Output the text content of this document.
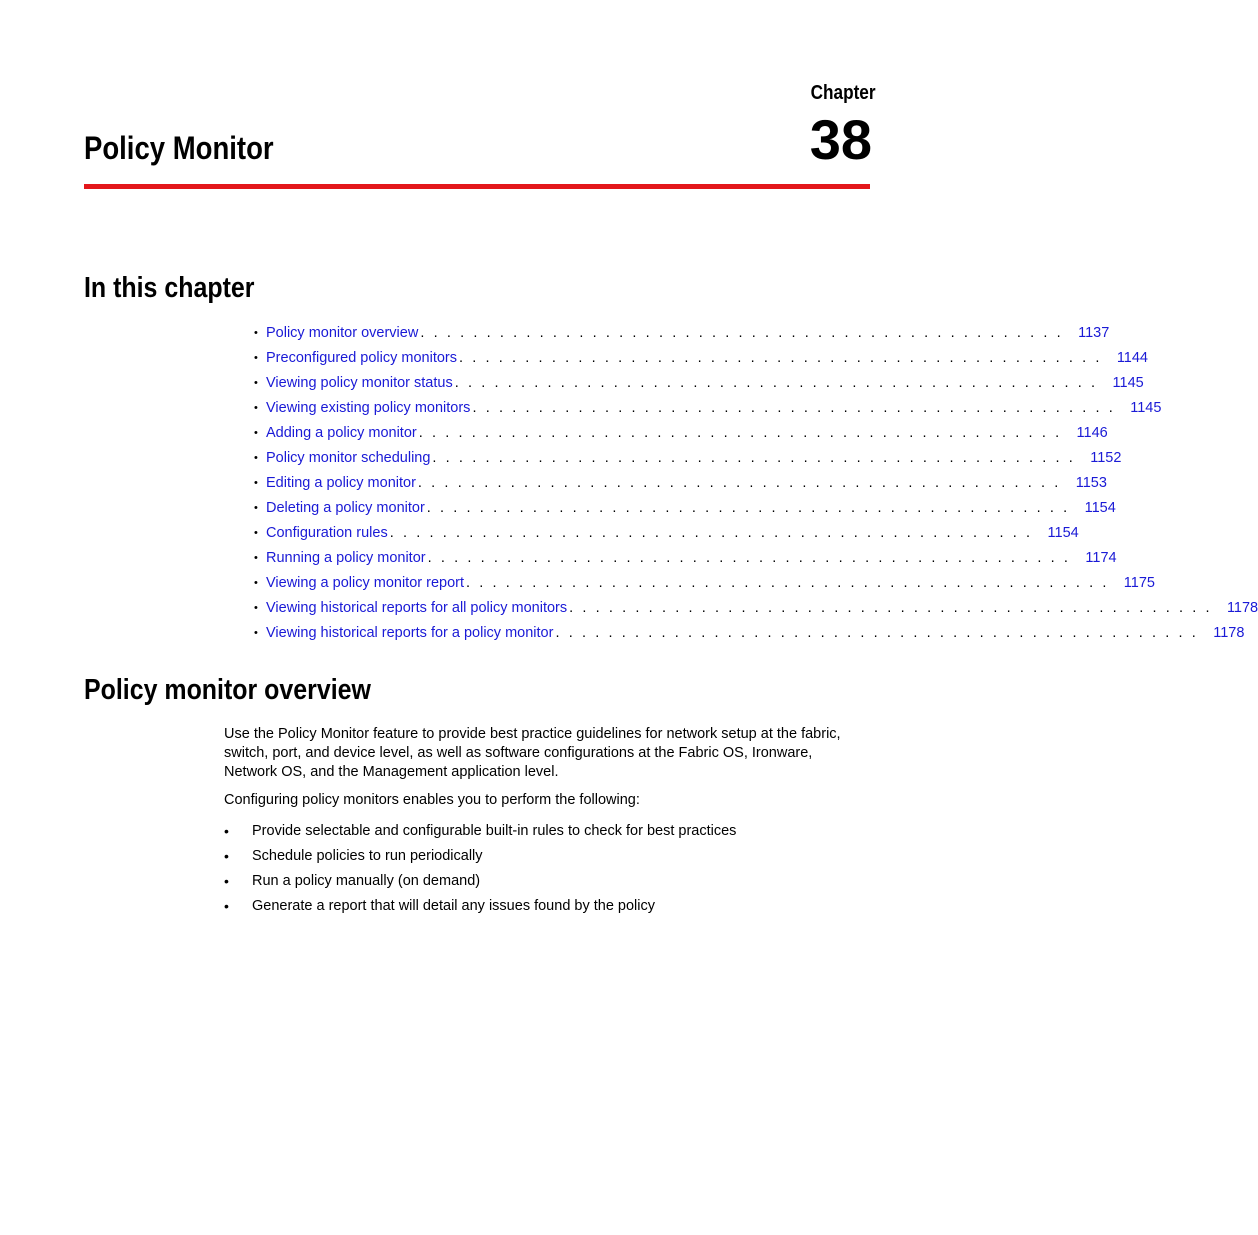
Chapter
38
Policy Monitor
In this chapter
• Policy monitor overview . . . . . . . . . . . . . . . . . . . . . . . . . . . . . . . . . . . . . . . . . . . . . . . . .	1137
• Preconfigured policy monitors . . . . . . . . . . . . . . . . . . . . . . . . . . . . . . . . . . . . . . . . . . . . . . . . .	1144
• Viewing policy monitor status . . . . . . . . . . . . . . . . . . . . . . . . . . . . . . . . . . . . . . . . . . . . . . . . .	1145
• Viewing existing policy monitors . . . . . . . . . . . . . . . . . . . . . . . . . . . . . . . . . . . . . . . . . . . . . . . . .	1145
• Adding a policy monitor . . . . . . . . . . . . . . . . . . . . . . . . . . . . . . . . . . . . . . . . . . . . . . . . .	1146
• Policy monitor scheduling . . . . . . . . . . . . . . . . . . . . . . . . . . . . . . . . . . . . . . . . . . . . . . . . .	1152
• Editing a policy monitor . . . . . . . . . . . . . . . . . . . . . . . . . . . . . . . . . . . . . . . . . . . . . . . . .	1153
• Deleting a policy monitor . . . . . . . . . . . . . . . . . . . . . . . . . . . . . . . . . . . . . . . . . . . . . . . . .	1154
• Configuration rules . . . . . . . . . . . . . . . . . . . . . . . . . . . . . . . . . . . . . . . . . . . . . . . . .	1154
• Running a policy monitor . . . . . . . . . . . . . . . . . . . . . . . . . . . . . . . . . . . . . . . . . . . . . . . . .	1174
• Viewing a policy monitor report . . . . . . . . . . . . . . . . . . . . . . . . . . . . . . . . . . . . . . . . . . . . . . . . .	1175
• Viewing historical reports for all policy monitors . . . . . . . . . . . . . . . . . . . . . . . . . . . . . . . . . . . . . . . . . . . . . . . . .	1178
• Viewing historical reports for a policy monitor . . . . . . . . . . . . . . . . . . . . . . . . . . . . . . . . . . . . . . . . . . . . . . . . .	1178
Policy monitor overview

Use the Policy Monitor feature to provide best practice guidelines for network setup at the fabric, switch, port, and device level, as well as software configurations at the Fabric OS, Ironware, Network OS, and the Management application level.

Configuring policy monitors enables you to perform the following:

•	Provide selectable and configurable built-in rules to check for best practices
•	Schedule policies to run periodically
•	Run a policy manually (on demand)
•	Generate a report that will detail any issues found by the policy
